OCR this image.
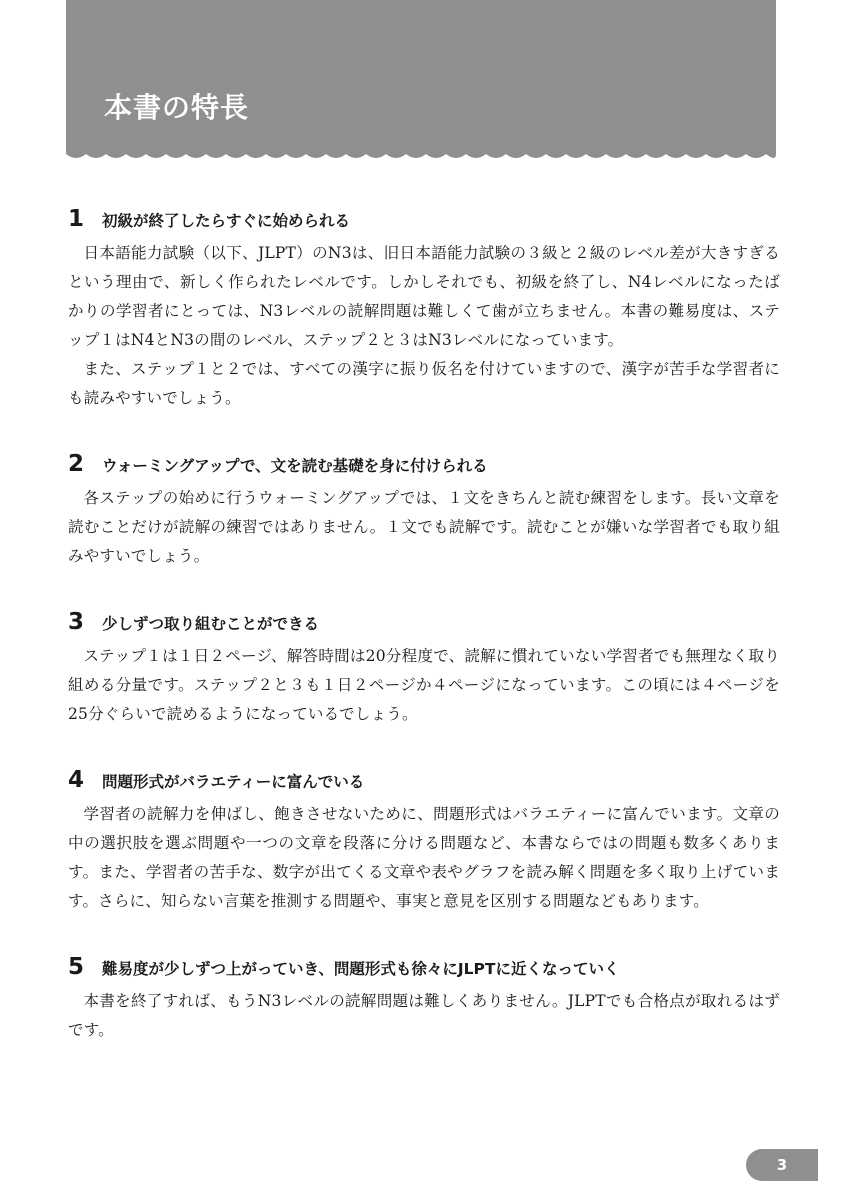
本書の特長
1	初級が終了したらすぐに始められる

日本語能力試験（以下、JLPT）のN3は、旧日本語能力試験の３級と２級のレベル差が大きすぎるという理由で、新しく作られたレベルです。しかしそれでも、初級を終了し、N4レベルになったばかりの学習者にとっては、N3レベルの読解問題は難しくて歯が立ちません。本書の難易度は、ステップ１はN4とN3の間のレベル、ステップ２と３はN3レベルになっています。

また、ステップ１と２では、すべての漢字に振り仮名を付けていますので、漢字が苦手な学習者にも読みやすいでしょう。

2	ウォーミングアップで、文を読む基礎を身に付けられる

各ステップの始めに行うウォーミングアップでは、１文をきちんと読む練習をします。長い文章を読むことだけが読解の練習ではありません。１文でも読解です。読むことが嫌いな学習者でも取り組みやすいでしょう。

3	少しずつ取り組むことができる

ステップ１は１日２ページ、解答時間は20分程度で、読解に慣れていない学習者でも無理なく取り組める分量です。ステップ２と３も１日２ページか４ページになっています。この頃には４ページを25分ぐらいで読めるようになっているでしょう。

4	問題形式がバラエティーに富んでいる

学習者の読解力を伸ばし、飽きさせないために、問題形式はバラエティーに富んでいます。文章の中の選択肢を選ぶ問題や一つの文章を段落に分ける問題など、本書ならではの問題も数多くあります。また、学習者の苦手な、数字が出てくる文章や表やグラフを読み解く問題を多く取り上げています。さらに、知らない言葉を推測する問題や、事実と意見を区別する問題などもあります。

5	難易度が少しずつ上がっていき、問題形式も徐々にJLPTに近くなっていく

本書を終了すれば、もうN3レベルの読解問題は難しくありません。JLPTでも合格点が取れるはずです。

3
